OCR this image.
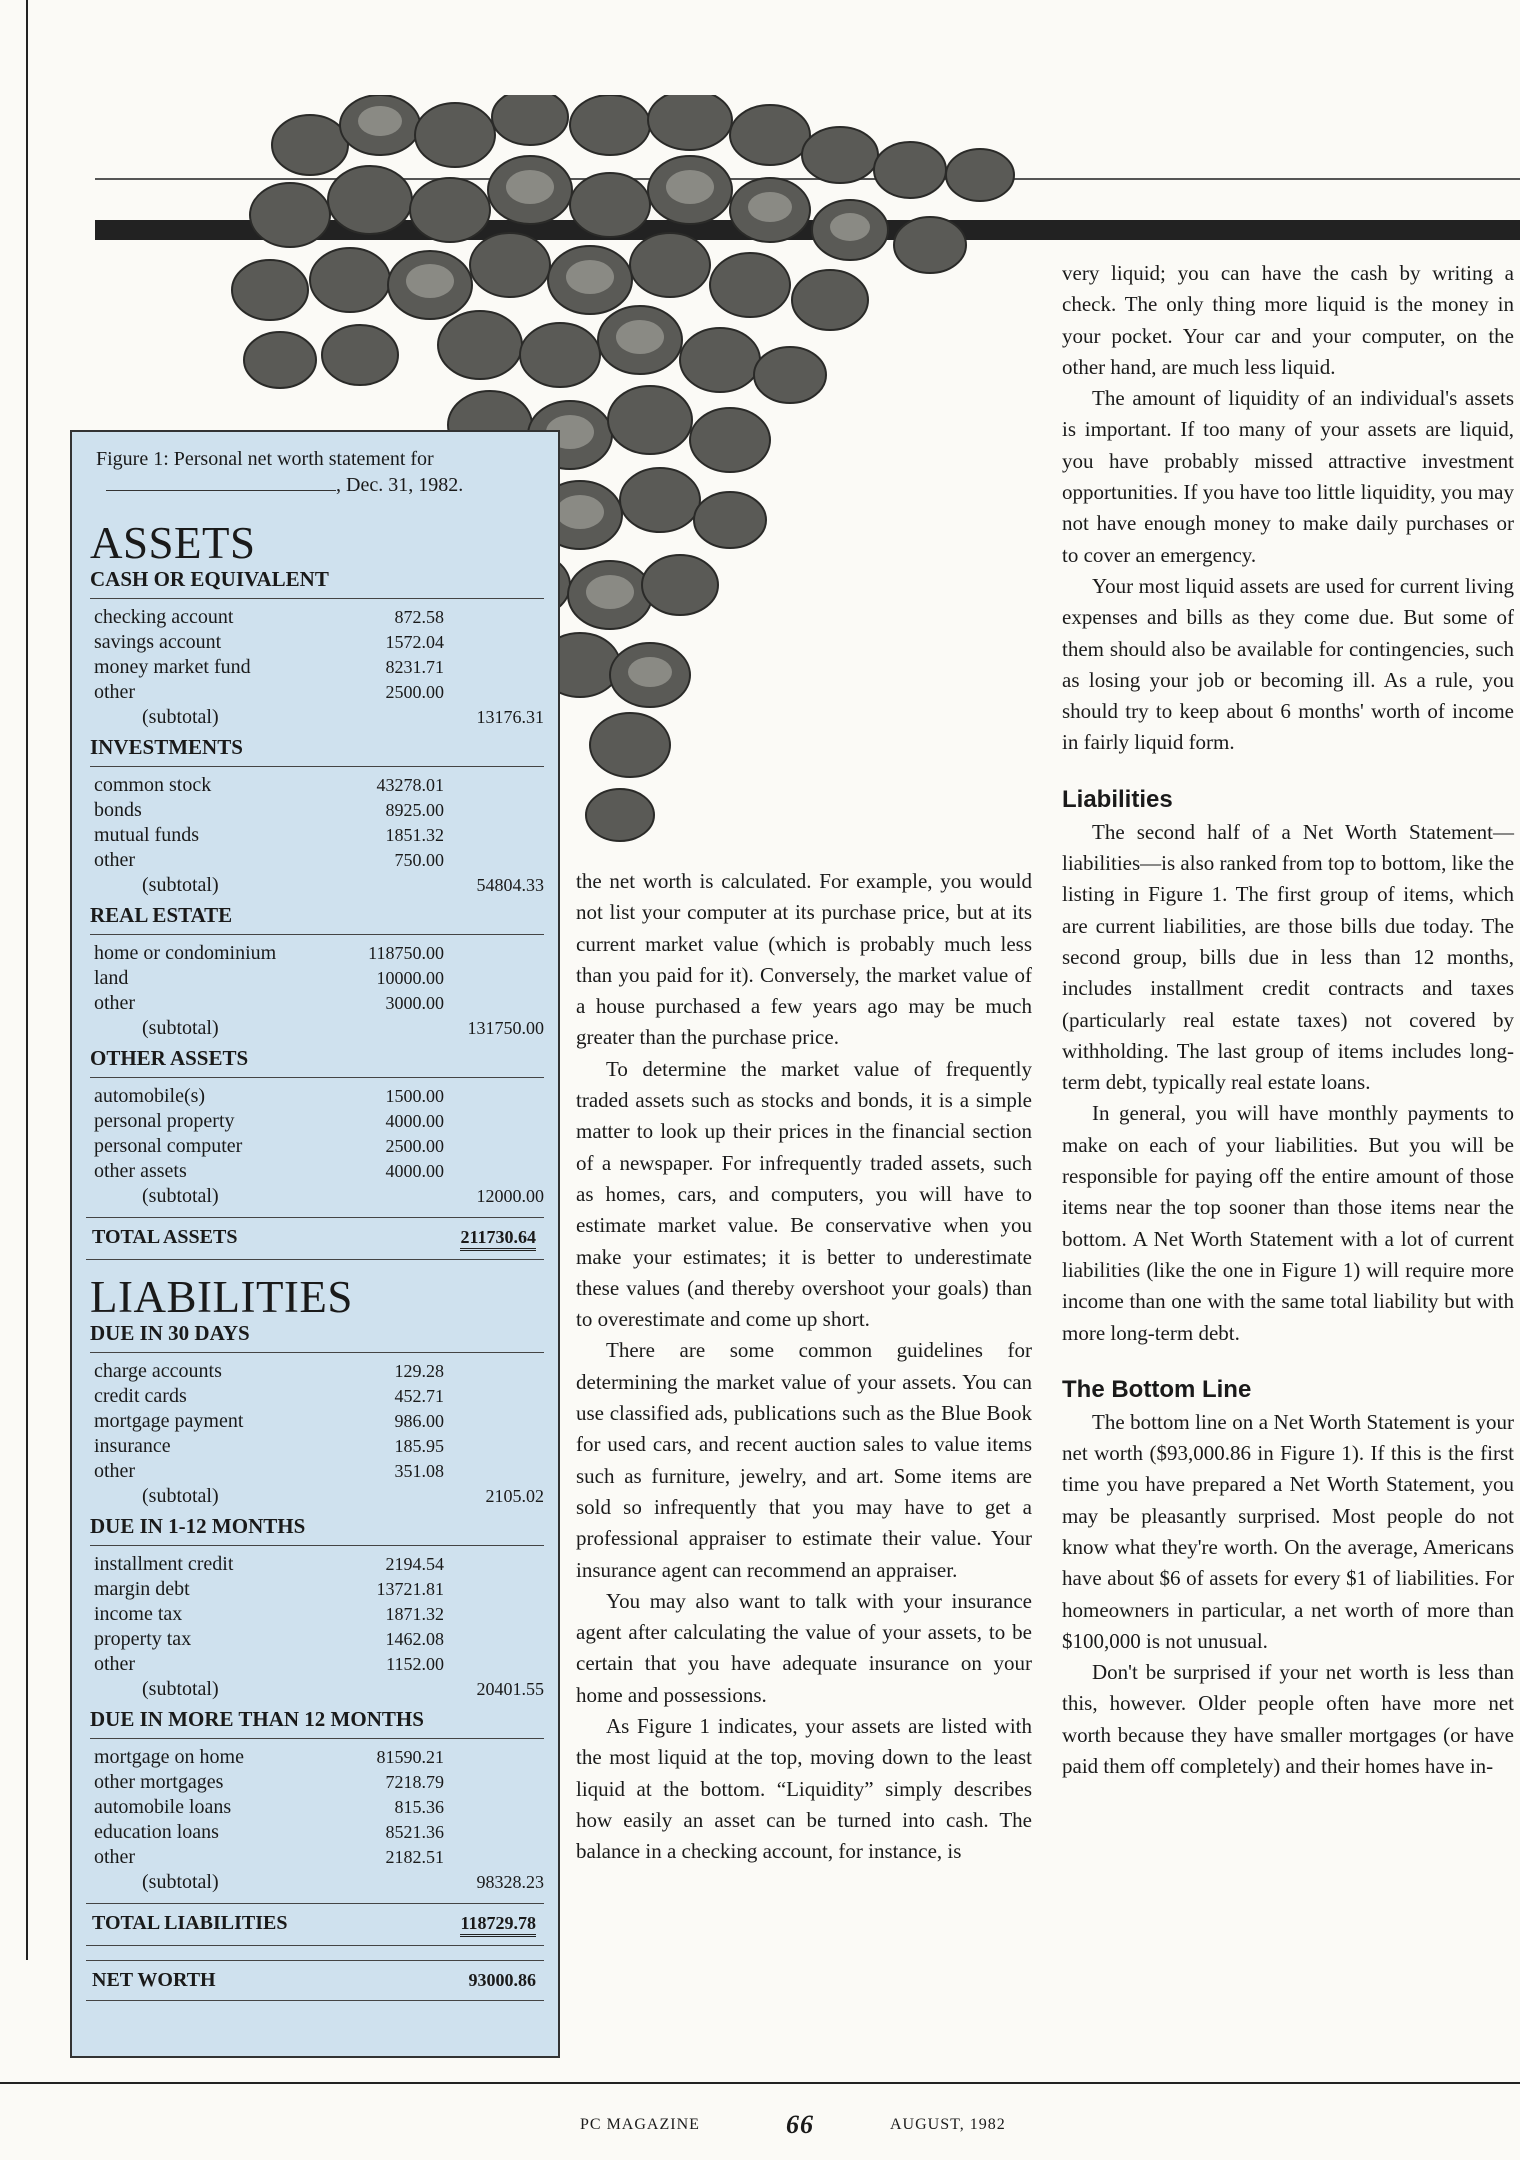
Figure 1: Personal net worth statement for
, Dec. 31, 1982.
ASSETS
CASH OR EQUIVALENT
checking account	872.58
savings account	1572.04
money market fund	8231.71
other	2500.00
(subtotal)	13176.31
INVESTMENTS
common stock	43278.01
bonds	8925.00
mutual funds	1851.32
other	750.00
(subtotal)	54804.33
REAL ESTATE
home or condominium	118750.00
land	10000.00
other	3000.00
(subtotal)	131750.00
OTHER ASSETS
automobile(s)	1500.00
personal property	4000.00
personal computer	2500.00
other assets	4000.00
(subtotal)	12000.00
TOTAL ASSETS	211730.64
LIABILITIES
DUE IN 30 DAYS
charge accounts	129.28
credit cards	452.71
mortgage payment	986.00
insurance	185.95
other	351.08
(subtotal)	2105.02
DUE IN 1-12 MONTHS
installment credit	2194.54
margin debt	13721.81
income tax	1871.32
property tax	1462.08
other	1152.00
(subtotal)	20401.55
DUE IN MORE THAN 12 MONTHS
mortgage on home	81590.21
other mortgages	7218.79
automobile loans	815.36
education loans	8521.36
other	2182.51
(subtotal)	98328.23
TOTAL LIABILITIES	118729.78
NET WORTH	93000.86

the net worth is calculated. For example, you would not list your computer at its purchase price, but at its current market value (which is probably much less than you paid for it). Conversely, the market value of a house purchased a few years ago may be much greater than the purchase price.

To determine the market value of frequently traded assets such as stocks and bonds, it is a simple matter to look up their prices in the financial section of a newspaper. For infrequently traded assets, such as homes, cars, and computers, you will have to estimate market value. Be conservative when you make your estimates; it is better to underestimate these values (and thereby overshoot your goals) than to overestimate and come up short.

There are some common guidelines for determining the market value of your assets. You can use classified ads, publications such as the Blue Book for used cars, and recent auction sales to value items such as furniture, jewelry, and art. Some items are sold so infrequently that you may have to get a professional appraiser to estimate their value. Your insurance agent can recommend an appraiser.

You may also want to talk with your insurance agent after calculating the value of your assets, to be certain that you have adequate insurance on your home and possessions.

As Figure 1 indicates, your assets are listed with the most liquid at the top, moving down to the least liquid at the bottom. “Liquidity” simply describes how easily an asset can be turned into cash. The balance in a checking account, for instance, is

very liquid; you can have the cash by writing a check. The only thing more liquid is the money in your pocket. Your car and your computer, on the other hand, are much less liquid.

The amount of liquidity of an individual's assets is important. If too many of your assets are liquid, you have probably missed attractive investment opportunities. If you have too little liquidity, you may not have enough money to make daily purchases or to cover an emergency.

Your most liquid assets are used for current living expenses and bills as they come due. But some of them should also be available for contingencies, such as losing your job or becoming ill. As a rule, you should try to keep about 6 months' worth of income in fairly liquid form.

Liabilities

The second half of a Net Worth Statement—liabilities—is also ranked from top to bottom, like the listing in Figure 1. The first group of items, which are current liabilities, are those bills due today. The second group, bills due in less than 12 months, includes installment credit contracts and taxes (particularly real estate taxes) not covered by withholding. The last group of items includes long-term debt, typically real estate loans.

In general, you will have monthly payments to make on each of your liabilities. But you will be responsible for paying off the entire amount of those items near the top sooner than those items near the bottom. A Net Worth Statement with a lot of current liabilities (like the one in Figure 1) will require more income than one with the same total liability but with more long-term debt.

The Bottom Line

The bottom line on a Net Worth Statement is your net worth ($93,000.86 in Figure 1). If this is the first time you have prepared a Net Worth Statement, you may be pleasantly surprised. Most people do not know what they're worth. On the average, Americans have about $6 of assets for every $1 of liabilities. For homeowners in particular, a net worth of more than $100,000 is not unusual.

Don't be surprised if your net worth is less than this, however. Older people often have more net worth because they have smaller mortgages (or have paid them off completely) and their homes have in-

PC MAGAZINE	66	AUGUST, 1982
